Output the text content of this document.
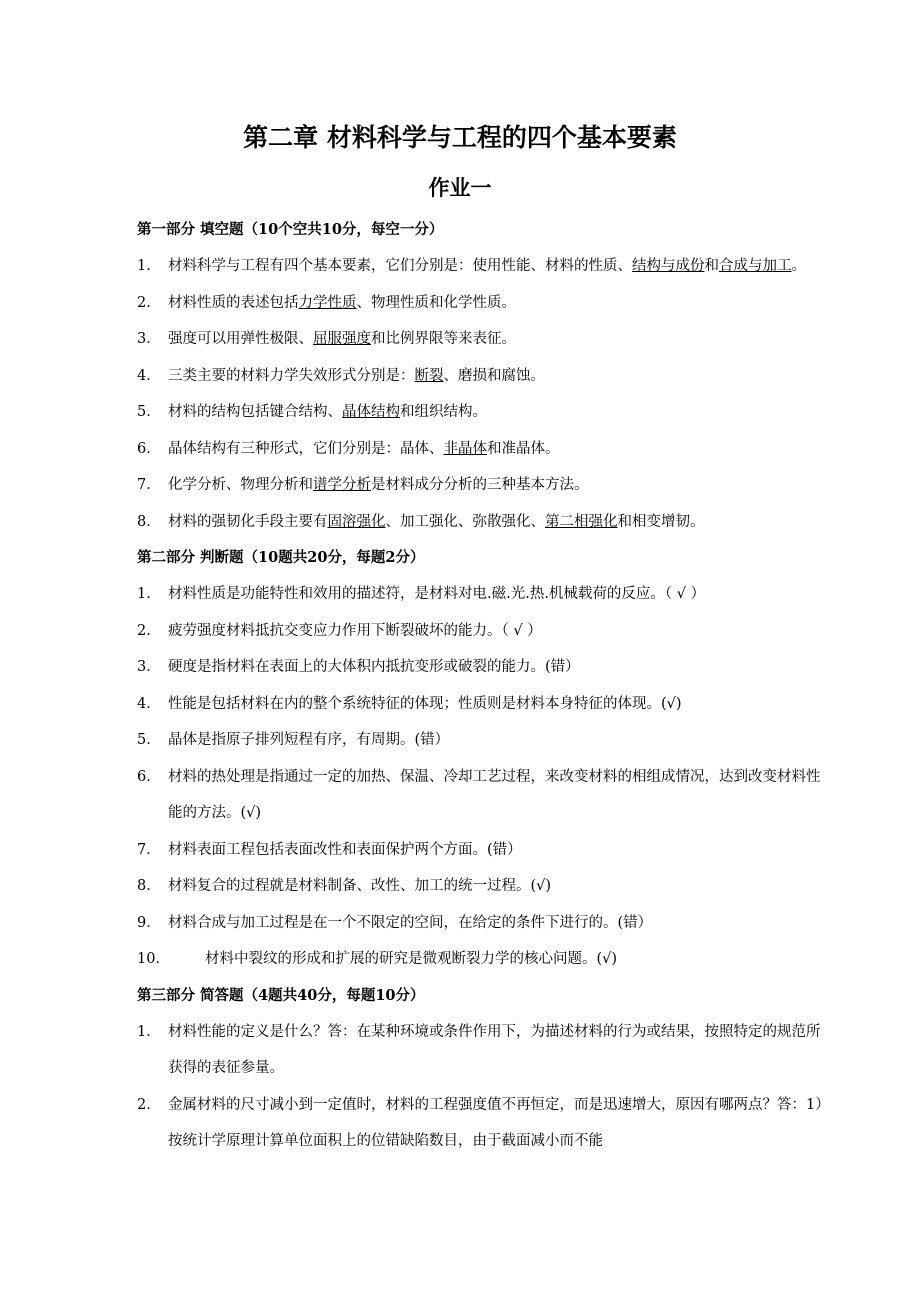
第二章 材料科学与工程的四个基本要素
作业一
第一部分 填空题（10个空共10分，每空一分）
1． 材料科学与工程有四个基本要素，它们分别是：使用性能、材料的性质、结构与成份和合成与加工。
2． 材料性质的表述包括力学性质、物理性质和化学性质。
3． 强度可以用弹性极限、屈服强度和比例界限等来表征。
4． 三类主要的材料力学失效形式分别是：断裂、磨损和腐蚀。
5． 材料的结构包括键合结构、晶体结构和组织结构。
6． 晶体结构有三种形式，它们分别是：晶体、非晶体和准晶体。
7． 化学分析、物理分析和谱学分析是材料成分分析的三种基本方法。
8． 材料的强韧化手段主要有固溶强化、加工强化、弥散强化、第二相强化和相变增韧。
第二部分 判断题（10题共20分，每题2分）
1． 材料性质是功能特性和效用的描述符，是材料对电.磁.光.热.机械载荷的反应。（ √ ）
2． 疲劳强度材料抵抗交变应力作用下断裂破坏的能力。（ √ ）
3． 硬度是指材料在表面上的大体积内抵抗变形或破裂的能力。(错）
4． 性能是包括材料在内的整个系统特征的体现；性质则是材料本身特征的体现。(√)
5． 晶体是指原子排列短程有序，有周期。(错）
6． 材料的热处理是指通过一定的加热、保温、冷却工艺过程，来改变材料的相组成情况，达到改变材料性能的方法。(√)
7． 材料表面工程包括表面改性和表面保护两个方面。(错）
8． 材料复合的过程就是材料制备、改性、加工的统一过程。(√)
9． 材料合成与加工过程是在一个不限定的空间，在给定的条件下进行的。(错）
10．	材料中裂纹的形成和扩展的研究是微观断裂力学的核心问题。(√)
第三部分 简答题（4题共40分，每题10分）
1． 材料性能的定义是什么？答：在某种环境或条件作用下，为描述材料的行为或结果，按照特定的规范所获得的表征参量。
2． 金属材料的尺寸减小到一定值时，材料的工程强度值不再恒定，而是迅速增大，原因有哪两点？答：1）按统计学原理计算单位面积上的位错缺陷数目，由于截面减小而不能
